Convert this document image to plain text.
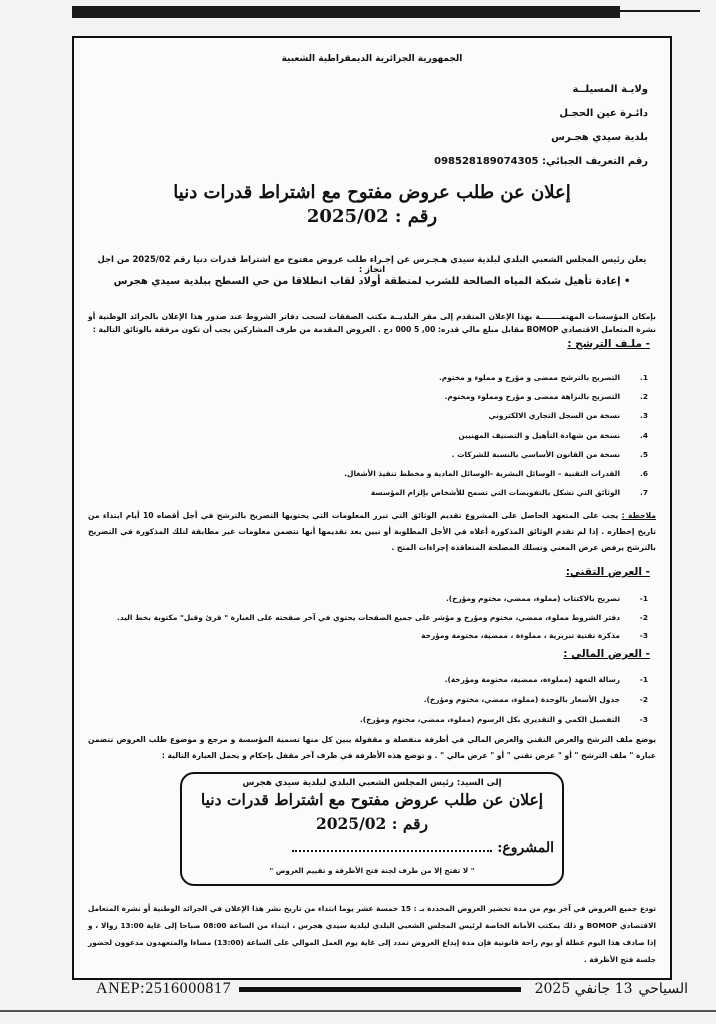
الجمهورية الجزائرية الديمقراطية الشعبية
ولايـة المسيلــة
دائـرة عين الحجـل
بلدية سيدي هجـرس
رقم التعريف الجبائي: 098528189074305
إعلان عن طلب عروض مفتوح مع اشتراط قدرات دنيا
رقم : 2025/02
يعلن رئيس المجلس الشعبي البلدي لبلدية سيدي هـجـرس عن إجـراء طلب عروض مفتوح مع اشتراط قدرات دنيا رقم 2025/02 من اجل انجاز :
• إعادة تأهيل شبكة المياه الصالحة للشرب لمنطقة أولاد لقاب انطلاقا من حي السطح ببلدية سيدي هجرس
بإمكان المؤسسات المهتمــــــــة بهذا الإعلان المتقدم إلى مقر البلديــة مكتب الصفقات لسحب دفاتر الشروط عند صدور هذا الإعلان بالجرائد الوطنية أو نشرة المتعامل الاقتصادي BOMOP مقابل مبلغ مالي قدره: 00, 5 000 دج . العروض المقدمة من طرف المشاركين يجب أن تكون مرفقة بالوثائق التالية :
- ملـف الترشح :
1.
التصريح بالترشح ممضى و مؤرخ و مملوء و مختوم.
2.
التصريح بالنزاهة ممضى و مؤرخ ومملوء ومختوم.
3.
نسخة من السجل التجاري الالكتروني
4.
نسخة من شهادة التأهيل و التصنيف المهنيين
5.
نسخة من القانون الأساسي بالنسبة للشركات .
6.
القدرات التقنية – الوسائل البشرية -الوسائل المادية و مخطط تنفيذ الأشغال.
7.
الوثائق التي تشكل بالتفويضات التي تسمح للأشخاص بإلزام المؤسسة
ملاحظة : يجب على المتعهد الحاصل على المشروع تقديم الوثائق التي تبرر المعلومات التي يحتويها التصريح بالترشح في أجل أقصاه 10 أيام ابتداء من تاريخ إخطاره . إذا لم تقدم الوثائق المذكورة أعلاه في الأجل المطلوبة أو تبين بعد تقديمها أنها تتضمن معلومات غير مطابقة لتلك المذكورة في التصريح بالترشح يرفض عرض المعني وتسلك المصلحة المتعاقدة إجراءات المنح .
- العرض التقني:
1-
تصريح بالاكتتاب (مملوء، ممضي، مختوم ومؤرخ).
2-
دفتر الشروط مملوء، ممضي، مختوم ومؤرخ و مؤشر على جميع الصفحات يحتوي في آخر صفحته على العبارة " قرئ وقبل" مكتوبة بخط اليد.
3-
مذكرة تقنية تبريرية ، مملوءة ، ممضية، مختومة ومؤرخة
- العرض المالي :
1-
رسالة التعهد (مملوءة، ممضية، مختومة ومؤرخة).
2-
جدول الأسعار بالوحدة (مملوء، ممضي، مختوم ومؤرخ).
3-
التفصيل الكمي و التقديري بكل الرسوم (مملوء، ممضي، مختوم ومؤرخ).
يوضع ملف الترشح والعرض التقني والعرض المالي في أظرفة منفصلة و مقفولة يبين كل منها تسمية المؤسسة و مرجع و موضوع طلب العروض تتضمن عبارة " ملف الترشح " أو " عرض تقني " أو " عرض مالي " . و توضع هذه الأظرفة في ظرف آخر مقفل بإحكام و يحمل العبارة التالية :
إلى السيد: رئيس المجلس الشعبي البلدي لبلدية سيدي هجرس
إعلان عن طلب عروض مفتوح مع اشتراط قدرات دنيا
رقم : 2025/02
المشروع:
" لا تفتح إلا من طرف لجنة فتح الأظرفة و تقييم العروض "
تودع جميع العروض في آخر يوم من مدة تحضير العروض المحددة بـ : 15 خمسة عشر يوما ابتداء من تاريخ نشر هذا الإعلان في الجرائد الوطنية أو نشرة المتعامل الاقتصادي BOMOP و ذلك بمكتب الأمانة الخاصة لرئيس المجلس الشعبي البلدي لبلدية سيدي هجرس ، ابتداء من الساعة 08:00 صباحا إلى غاية 13:00 زوالا ، و إذا صادف هذا اليوم عطلة أو يوم راحة قانونية فإن مدة إيداع العروض تمدد إلى غاية يوم العمل الموالي على الساعة (13:00) مساءا والمتعهدون مدعوون لحضور جلسة فتح الأظرفة .
ANEP:2516000817	السياحي13 جانفي 2025
